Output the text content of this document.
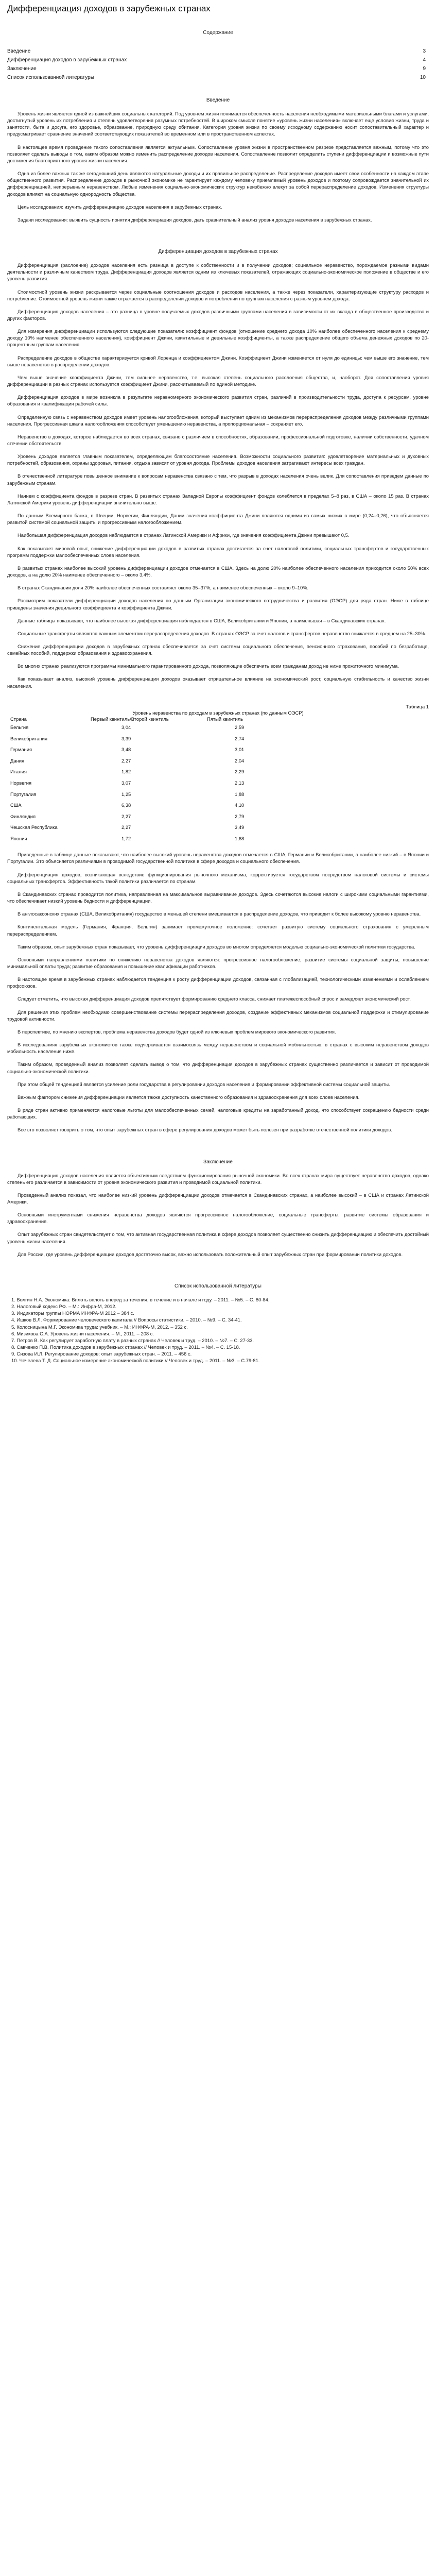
Дифференциация доходов в зарубежных странах

Содержание

Введение	3
Дифференциация доходов в зарубежных странах	4
Заключение	9
Список использованной литературы	10

Введение

Уровень жизни является одной из важнейших социальных категорий. Под уровнем жизни понимается обеспеченность населения необходимыми материальными благами и услугами, достигнутый уровень их потребления и степень удовлетворения разумных потребностей. В широком смысле понятие «уровень жизни населения» включает еще условия жизни, труда и занятости, быта и досуга, его здоровье, образование, природную среду обитания. Категория уровня жизни по своему исходному содержанию носит сопоставительный характер и предусматривает сравнение значений соответствующих показателей во временном или в пространственном аспектах.

В настоящее время проведение такого сопоставления является актуальным. Сопоставление уровня жизни в пространственном разрезе представляется важным, потому что это позволяет сделать выводы о том, каким образом можно изменить распределение доходов населения. Сопоставление позволит определить ступени дифференциации и возможные пути достижения благоприятного уровня жизни населения.

Одна из более важных так же сегодняшний день являются натуральные доходы и их правильное распределение. Распределение доходов имеет свои особенности на каждом этапе общественного развития. Распределение доходов в рыночной экономике не гарантирует каждому человеку приемлемый уровень доходов и поэтому сопровождается значительной их дифференциацией, непрерывным неравенством. Любые изменения социально-экономических структур неизбежно влекут за собой перераспределение доходов. Изменения структуры доходов влияют на социальную однородность общества.

Цель исследования: изучить дифференциацию доходов населения в зарубежных странах.

Задачи исследования: выявить сущность понятия дифференциация доходов, дать сравнительный анализ уровня доходов населения в зарубежных странах.

Дифференциация доходов в зарубежных странах

Дифференциация (раслоение) доходов населения есть разница в доступе к собственности и в получении доходов; социальное неравенство, порождаемое разными видами деятельности и различным качеством труда. Дифференциация доходов является одним из ключевых показателей, отражающих социально-экономическое положение в обществе и его уровень развития.

Стоимостной уровень жизни раскрывается через социальные соотношения доходов и расходов населения, а также через показатели, характеризующие структуру расходов и потребление. Стоимостной уровень жизни также отражается в распределении доходов и потреблении по группам населения с разным уровнем дохода.

Дифференциация доходов населения – это разница в уровне получаемых доходов различными группами населения в зависимости от их вклада в общественное производство и других факторов.

Для измерения дифференциации используются следующие показатели: коэффициент фондов (отношение среднего дохода 10% наиболее обеспеченного населения к среднему доходу 10% наименее обеспеченного населения), коэффициент Джини, квинтильные и децильные коэффициенты, а также распределение общего объема денежных доходов по 20-процентным группам населения.

Распределение доходов в обществе характеризуется кривой Лоренца и коэффициентом Джини. Коэффициент Джини изменяется от нуля до единицы: чем выше его значение, тем выше неравенство в распределении доходов.

Чем выше значение коэффициента Джини, тем сильнее неравенство, т.е. высокая степень социального расслоения общества, и, наоборот. Для сопоставления уровня дифференциации в разных странах используется коэффициент Джини, рассчитываемый по единой методике.

Дифференциация доходов в мире возникла в результате неравномерного экономического развития стран, различий в производительности труда, доступа к ресурсам, уровне образования и квалификации рабочей силы.

Определенную связь с неравенством доходов имеет уровень налогообложения, который выступает одним из механизмов перераспределения доходов между различными группами населения. Прогрессивная шкала налогообложения способствует уменьшению неравенства, а пропорциональная – сохраняет его.

Неравенство в доходах, которое наблюдается во всех странах, связано с различием в способностях, образовании, профессиональной подготовке, наличии собственности, удачном стечении обстоятельств.

Уровень доходов является главным показателем, определяющим благосостояние населения. Возможности социального развития: удовлетворение материальных и духовных потребностей, образования, охраны здоровья, питания, отдыха зависят от уровня дохода. Проблемы доходов населения затрагивают интересы всех граждан.

В отечественной литературе повышенное внимание к вопросам неравенства связано с тем, что разрыв в доходах населения очень велик. Для сопоставления приведем данные по зарубежным странам.

Начнем с коэффициента фондов в разрезе стран. В развитых странах Западной Европы коэффициент фондов колеблется в пределах 5–8 раз, в США – около 15 раз. В странах Латинской Америки уровень дифференциации значительно выше.

По данным Всемирного банка, в Швеции, Норвегии, Финляндии, Дании значения коэффициента Джини являются одними из самых низких в мире (0,24–0,26), что объясняется развитой системой социальной защиты и прогрессивным налогообложением.

Наибольшая дифференциация доходов наблюдается в странах Латинской Америки и Африки, где значения коэффициента Джини превышают 0,5.

Как показывает мировой опыт, снижение дифференциации доходов в развитых странах достигается за счет налоговой политики, социальных трансфертов и государственных программ поддержки малообеспеченных слоев населения.

В развитых странах наиболее высокий уровень дифференциации доходов отмечается в США. Здесь на долю 20% наиболее обеспеченного населения приходится около 50% всех доходов, а на долю 20% наименее обеспеченного – около 3,4%.

В странах Скандинавии доля 20% наиболее обеспеченных составляет около 35–37%, а наименее обеспеченных – около 9–10%.

Рассмотрим показатели дифференциации доходов населения по данным Организации экономического сотрудничества и развития (ОЭСР) для ряда стран. Ниже в таблице приведены значения децильного коэффициента и коэффициента Джини.

Данные таблицы показывают, что наиболее высокая дифференциация наблюдается в США, Великобритании и Японии, а наименьшая – в Скандинавских странах.

Социальные трансферты являются важным элементом перераспределения доходов. В странах ОЭСР за счет налогов и трансфертов неравенство снижается в среднем на 25–30%.

Снижение дифференциации доходов в зарубежных странах обеспечивается за счет системы социального обеспечения, пенсионного страхования, пособий по безработице, семейных пособий, поддержки образования и здравоохранения.

Во многих странах реализуются программы минимального гарантированного дохода, позволяющие обеспечить всем гражданам доход не ниже прожиточного минимума.

Как показывает анализ, высокий уровень дифференциации доходов оказывает отрицательное влияние на экономический рост, социальную стабильность и качество жизни населения.

Таблица 1

Уровень неравенства по доходам в зарубежных странах (по данным ОЭСР)

Страна	Первый квинтиль/Второй квинтиль	Пятый квинтиль
Бельгия	3,04	2,59
Великобритания	3,39	2,74
Германия	3,48	3,01
Дания	2,27	2,04
Италия	1,82	2,29
Норвегия	3,07	2,13
Португалия	1,25	1,88
США	6,38	4,10
Финляндия	2,27	2,79
Чешская Республика	2,27	3,49
Япония	1,72	1,68

Приведенные в таблице данные показывают, что наиболее высокий уровень неравенства доходов отмечается в США, Германии и Великобритании, а наиболее низкий – в Японии и Португалии. Это объясняется различиями в проводимой государственной политике в сфере доходов и социального обеспечения.

Дифференциация доходов, возникающая вследствие функционирования рыночного механизма, корректируется государством посредством налоговой системы и системы социальных трансфертов. Эффективность такой политики различается по странам.

В Скандинавских странах проводится политика, направленная на максимальное выравнивание доходов. Здесь сочетаются высокие налоги с широкими социальными гарантиями, что обеспечивает низкий уровень бедности и дифференциации.

В англосаксонских странах (США, Великобритания) государство в меньшей степени вмешивается в распределение доходов, что приводит к более высокому уровню неравенства.

Континентальная модель (Германия, Франция, Бельгия) занимает промежуточное положение: сочетает развитую систему социального страхования с умеренным перераспределением.

Таким образом, опыт зарубежных стран показывает, что уровень дифференциации доходов во многом определяется моделью социально-экономической политики государства.

Основными направлениями политики по снижению неравенства доходов являются: прогрессивное налогообложение; развитие системы социальной защиты; повышение минимальной оплаты труда; развитие образования и повышение квалификации работников.

В настоящее время в зарубежных странах наблюдается тенденция к росту дифференциации доходов, связанная с глобализацией, технологическими изменениями и ослаблением профсоюзов.

Следует отметить, что высокая дифференциация доходов препятствует формированию среднего класса, снижает платежеспособный спрос и замедляет экономический рост.

Для решения этих проблем необходимо совершенствование системы перераспределения доходов, создание эффективных механизмов социальной поддержки и стимулирование трудовой активности.

В перспективе, по мнению экспертов, проблема неравенства доходов будет одной из ключевых проблем мирового экономического развития.

В исследованиях зарубежных экономистов также подчеркивается взаимосвязь между неравенством и социальной мобильностью: в странах с высоким неравенством доходов мобильность населения ниже.

Таким образом, проведенный анализ позволяет сделать вывод о том, что дифференциация доходов в зарубежных странах существенно различается и зависит от проводимой социально-экономической политики.

При этом общей тенденцией является усиление роли государства в регулировании доходов населения и формировании эффективной системы социальной защиты.

Важным фактором снижения дифференциации является также доступность качественного образования и здравоохранения для всех слоев населения.

В ряде стран активно применяются налоговые льготы для малообеспеченных семей, налоговые кредиты на заработанный доход, что способствует сокращению бедности среди работающих.

Все это позволяет говорить о том, что опыт зарубежных стран в сфере регулирования доходов может быть полезен при разработке отечественной политики доходов.

Заключение

Дифференциация доходов населения является объективным следствием функционирования рыночной экономики. Во всех странах мира существует неравенство доходов, однако степень его различается в зависимости от уровня экономического развития и проводимой социальной политики.

Проведенный анализ показал, что наиболее низкий уровень дифференциации доходов отмечается в Скандинавских странах, а наиболее высокий – в США и странах Латинской Америки.

Основными инструментами снижения неравенства доходов являются прогрессивное налогообложение, социальные трансферты, развитие системы образования и здравоохранения.

Опыт зарубежных стран свидетельствует о том, что активная государственная политика в сфере доходов позволяет существенно снизить дифференциацию и обеспечить достойный уровень жизни населения.

Для России, где уровень дифференциации доходов достаточно высок, важно использовать положительный опыт зарубежных стран при формировании политики доходов.

Список использованной литературы

1. Волгин Н.А. Экономика: Вплоть вплоть вперед за течения, в течение и в начале и году. – 2011. – №5. – С. 80-84.

2. Налоговый кодекс РФ. – М.: Инфра-М, 2012.

3. Индикаторы группы НОРМА ИНФРА-М 2012 – 384 с.

4. Ишков В.Л. Формирование человеческого капитала // Вопросы статистики. – 2010. – №9. – С. 34-41.

5. Колосницына М.Г. Экономика труда: учебник. – М.: ИНФРА-М, 2012. – 352 с.

6. Мизикова С.А. Уровень жизни населения. – М., 2011. – 208 с.

7. Петров В. Как регулирует заработную плату в разных странах // Человек и труд. – 2010. – №7. – С. 27-33.

8. Савченко П.В. Политика доходов в зарубежных странах // Человек и труд. – 2011. – №4. – С. 15-18.

9. Сизова И.Л. Регулирование доходов: опыт зарубежных стран. – 2011. – 456 с.

10. Чечелева Т. Д. Социальное измерение экономической политики // Человек и труд. – 2011. – №3. – С.79-81.
